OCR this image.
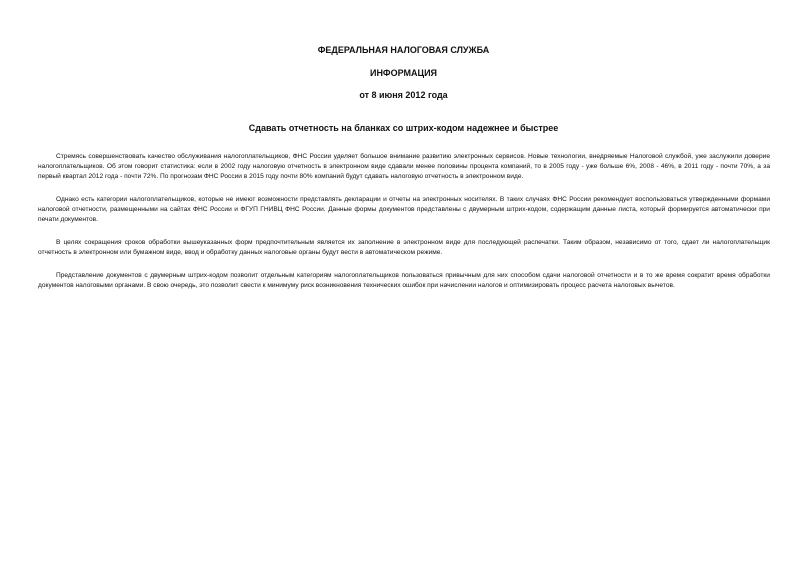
ФЕДЕРАЛЬНАЯ НАЛОГОВАЯ СЛУЖБА

ИНФОРМАЦИЯ

от 8 июня 2012 года

Сдавать отчетность на бланках со штрих-кодом надежнее и быстрее

Стремясь совершенствовать качество обслуживания налогоплательщиков, ФНС России уделяет большое внимание развитию электронных сервисов. Новые технологии, внедряемые Налоговой службой, уже заслужили доверие налогоплательщиков. Об этом говорит статистика: если в 2002 году налоговую отчетность в электронном виде сдавали менее половины процента компаний, то в 2005 году - уже больше 6%, 2008 - 46%, в 2011 году - почти 70%, а за первый квартал 2012 года - почти 72%. По прогнозам ФНС России в 2015 году почти 80% компаний будут сдавать налоговую отчетность в электронном виде.

Однако есть категории налогоплательщиков, которые не имеют возможности представлять декларации и отчеты на электронных носителях. В таких случаях ФНС России рекомендует воспользоваться утвержденными формами налоговой отчетности, размещенными на сайтах ФНС России и ФГУП ГНИВЦ ФНС России. Данные формы документов представлены с двумерным штрих-кодом, содержащим данные листа, который формируется автоматически при печати документов.

В целях сокращения сроков обработки вышеуказанных форм предпочтительным является их заполнение в электронном виде для последующей распечатки. Таким образом, независимо от того, сдает ли налогоплательщик отчетность в электронном или бумажном виде, ввод и обработку данных налоговые органы будут вести в автоматическом режиме.

Представление документов с двумерным штрих-кодом позволит отдельным категориям налогоплательщиков пользоваться привычным для них способом сдачи налоговой отчетности и в то же время сократит время обработки документов налоговыми органами. В свою очередь, это позволит свести к минимуму риск возникновения технических ошибок при начислении налогов и оптимизировать процесс расчета налоговых вычетов.
